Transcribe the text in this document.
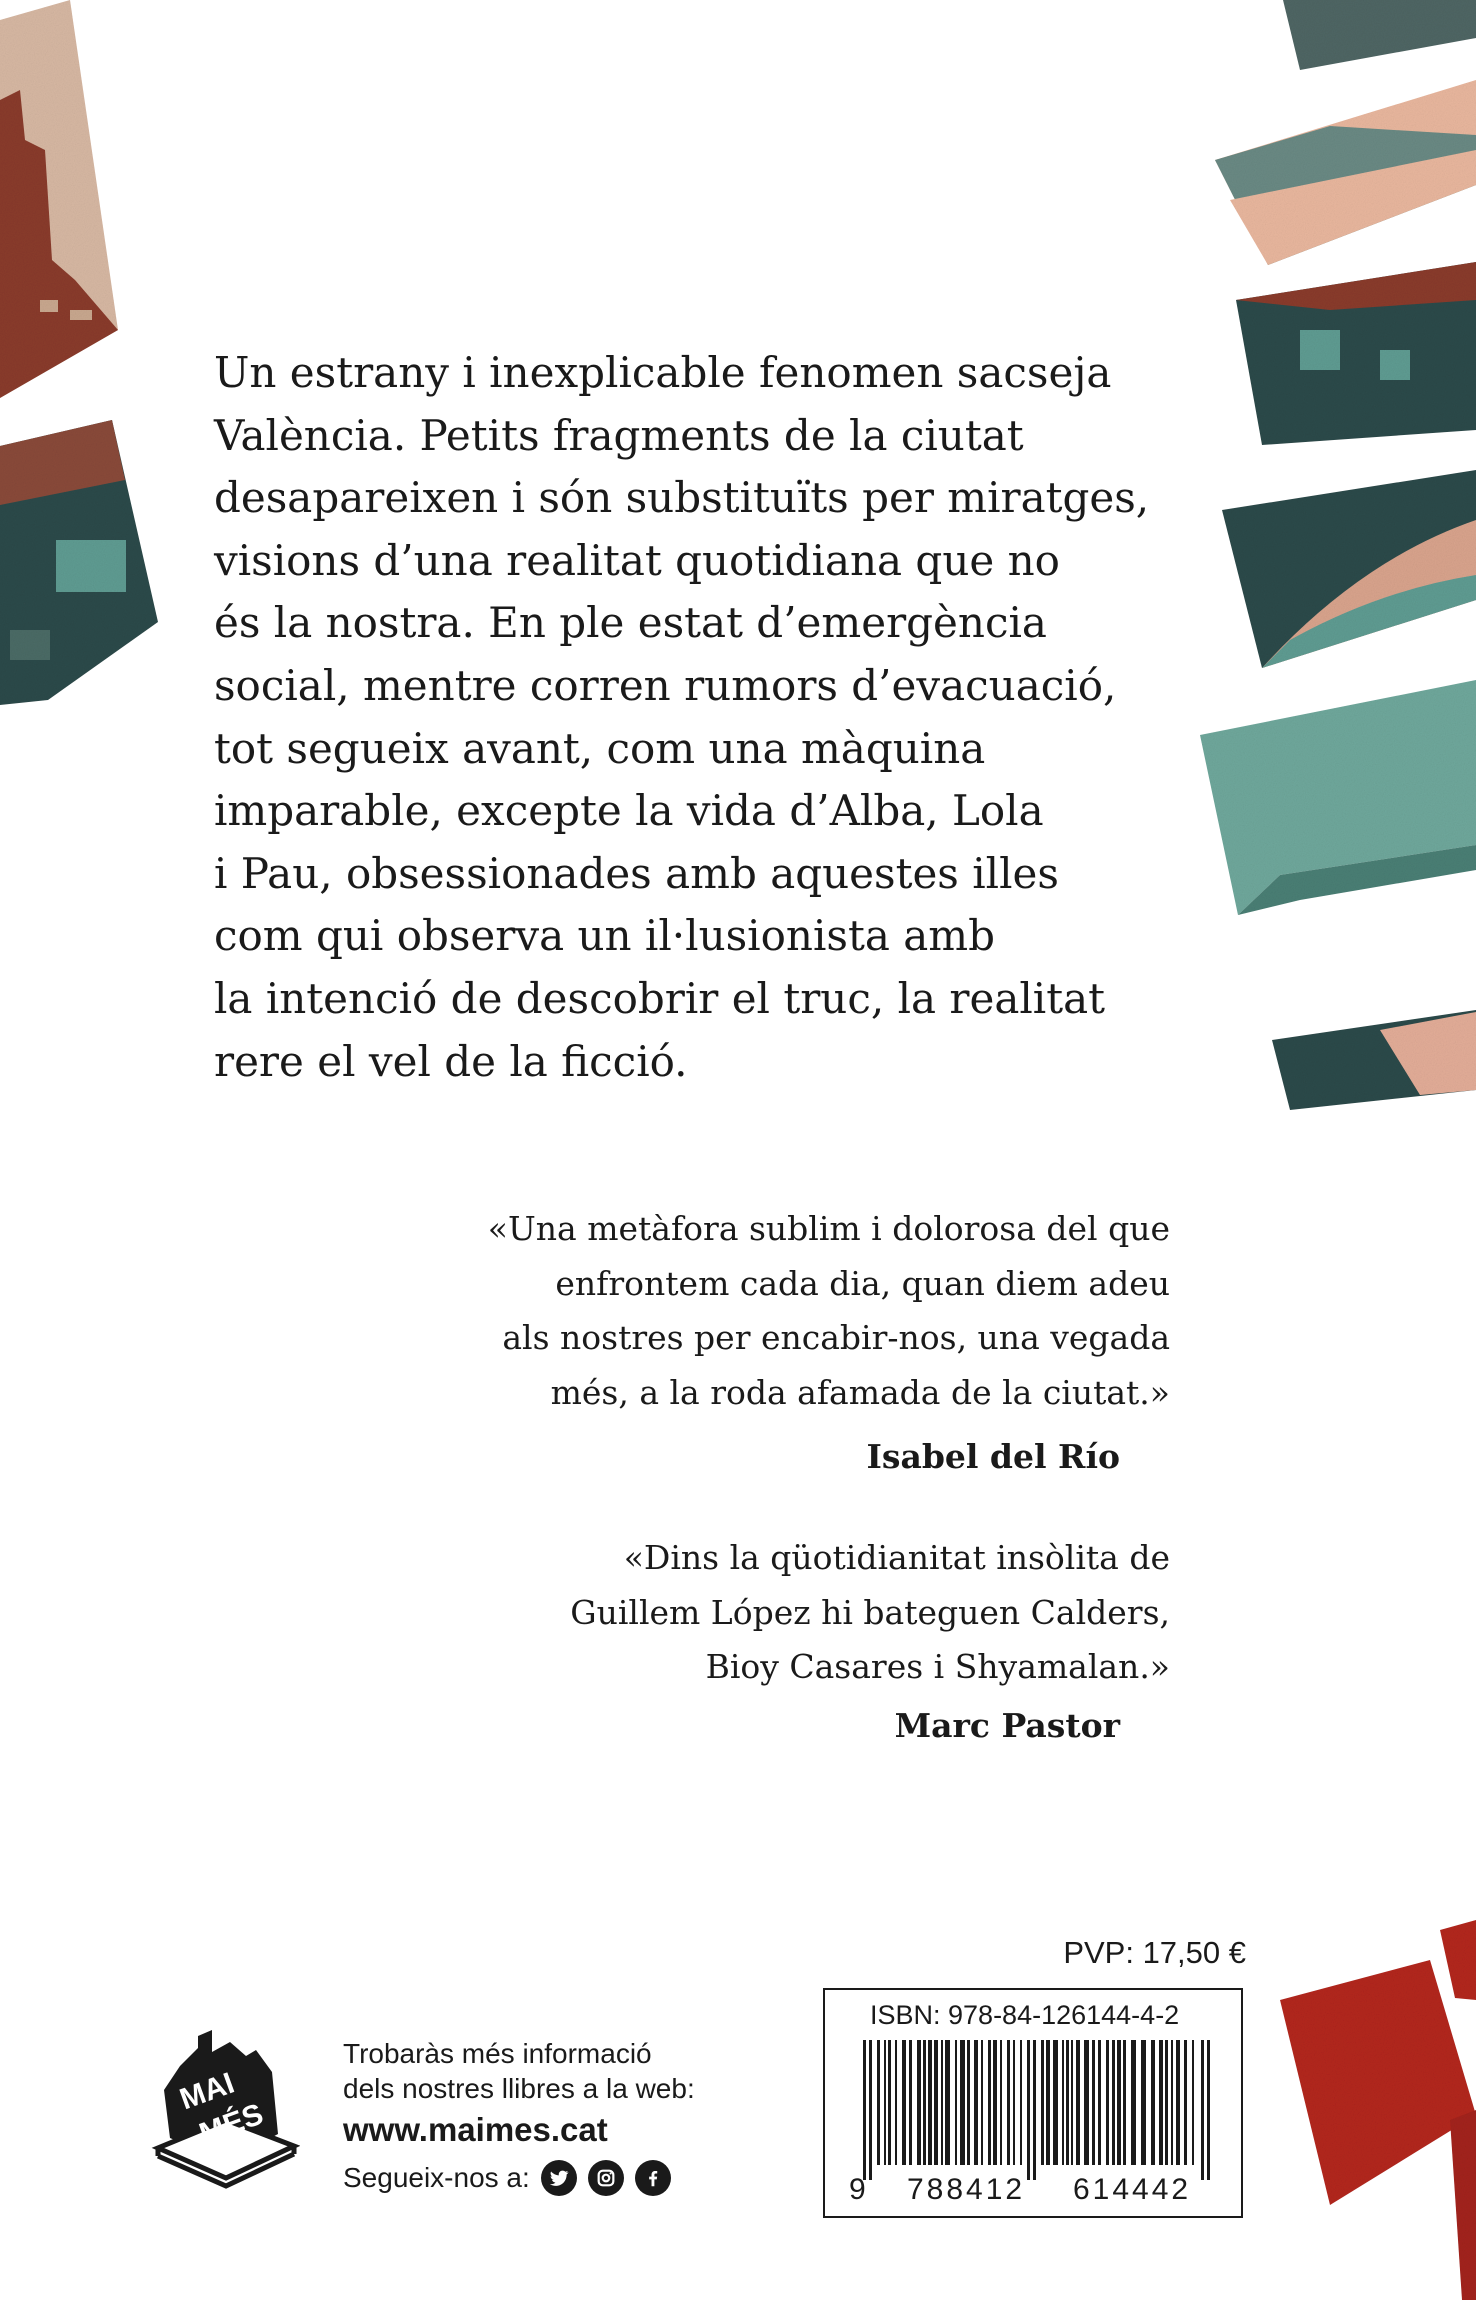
Un estrany i inexplicable fenomen sacseja
València. Petits fragments de la ciutat
desapareixen i són substituïts per miratges,
visions d’una realitat quotidiana que no
és la nostra. En ple estat d’emergència
social, mentre corren rumors d’evacuació,
tot segueix avant, com una màquina
imparable, excepte la vida d’Alba, Lola
i Pau, obsessionades amb aquestes illes
com qui observa un il·lusionista amb
la intenció de descobrir el truc, la realitat
rere el vel de la ficció.
«Una metàfora sublim i dolorosa del que
enfrontem cada dia, quan diem adeu
als nostres per encabir-nos, una vegada
més, a la roda afamada de la ciutat.»
Isabel del Río
«Dins la qüotidianitat insòlita de
Guillem López hi bateguen Calders,
Bioy Casares i Shyamalan.»
Marc Pastor
PVP: 17,50 €
ISBN: 978-84-126144-4-2
9 788412 614442
MAI
MÉS
Trobaràs més informació
dels nostres llibres a la web:
www.maimes.cat
Segueix-nos a:
